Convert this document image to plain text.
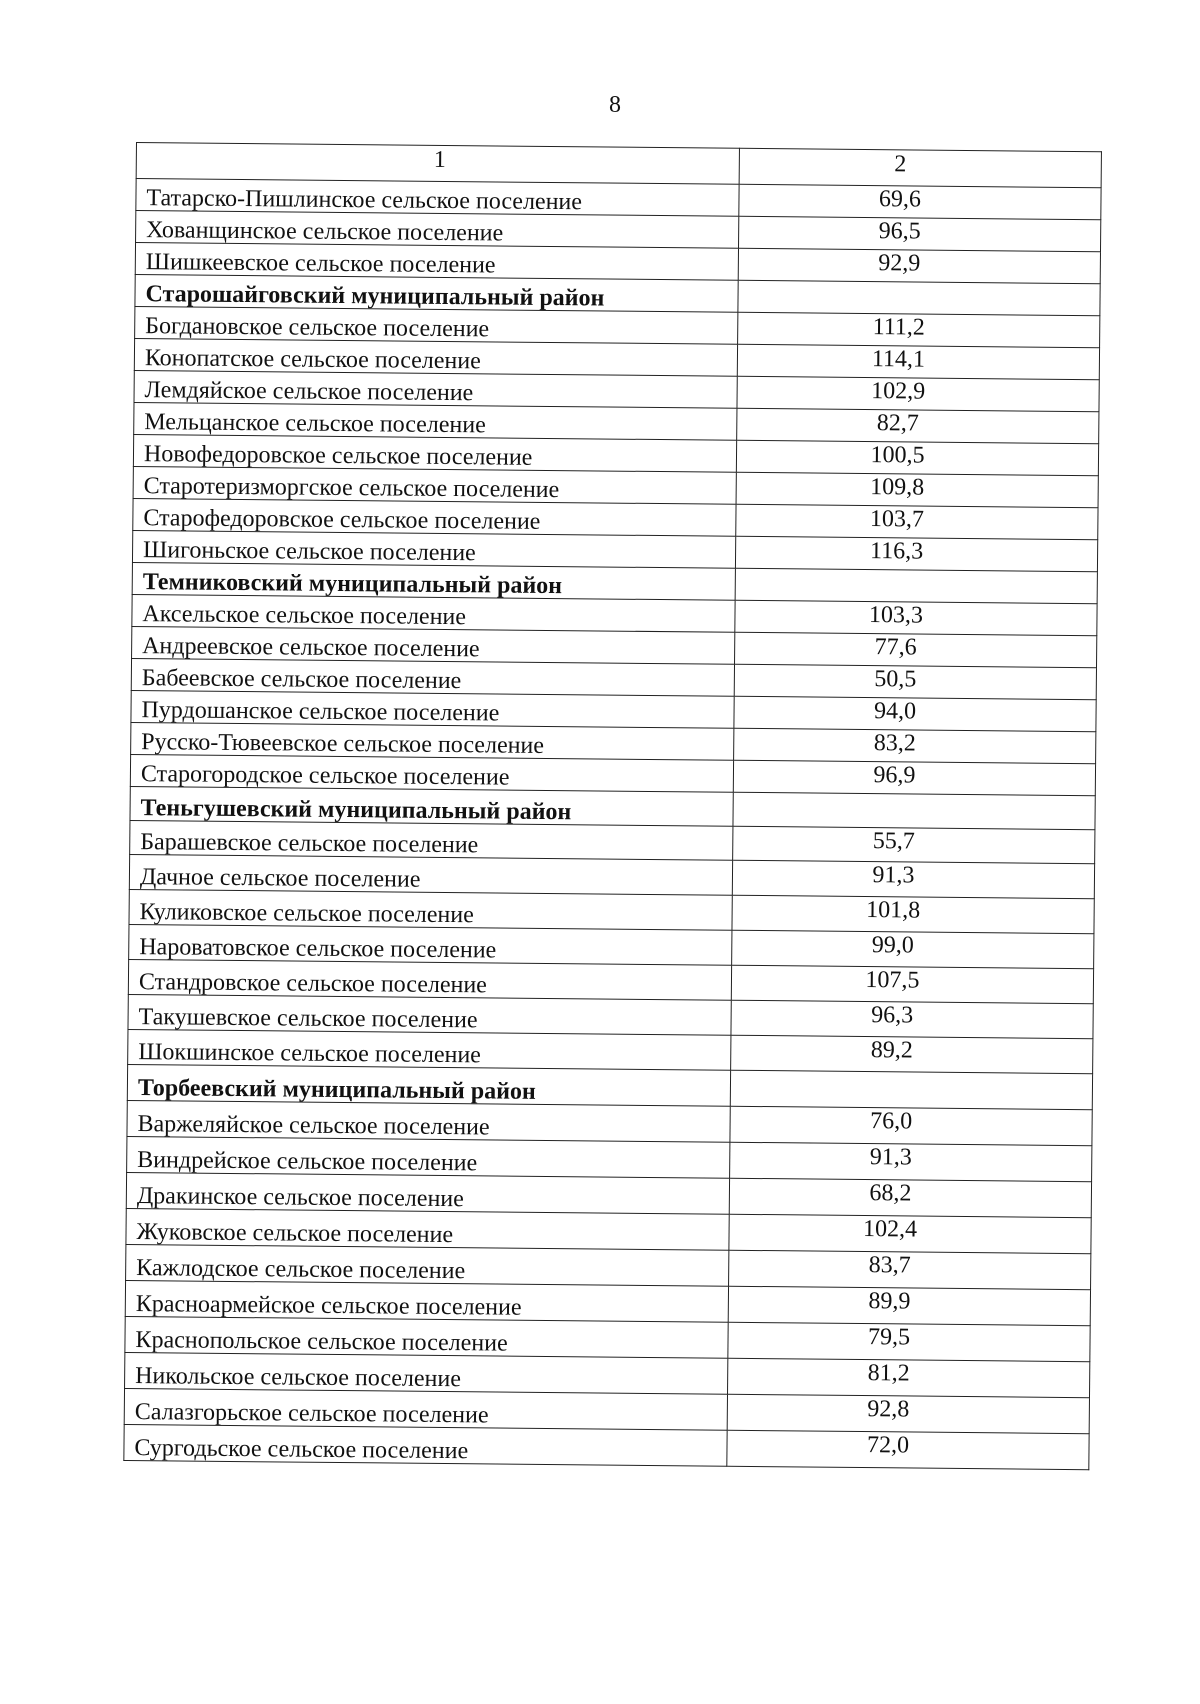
8
1	2
Татарско-Пишлинское сельское поселение	69,6
Хованщинское сельское поселение	96,5
Шишкеевское сельское поселение	92,9
Старошайговский муниципальный район	
Богдановское сельское поселение	111,2
Конопатское сельское поселение	114,1
Лемдяйское сельское поселение	102,9
Мельцанское сельское поселение	82,7
Новофедоровское сельское поселение	100,5
Старотеризморгское сельское поселение	109,8
Старофедоровское сельское поселение	103,7
Шигоньское сельское поселение	116,3
Темниковский муниципальный район	
Аксельское сельское поселение	103,3
Андреевское сельское поселение	77,6
Бабеевское сельское поселение	50,5
Пурдошанское сельское поселение	94,0
Русско-Тювеевское сельское поселение	83,2
Старогородское сельское поселение	96,9
Теньгушевский муниципальный район	
Барашевское сельское поселение	55,7
Дачное сельское поселение	91,3
Куликовское сельское поселение	101,8
Нароватовское сельское поселение	99,0
Стандровское сельское поселение	107,5
Такушевское сельское поселение	96,3
Шокшинское сельское поселение	89,2
Торбеевский муниципальный район	
Варжеляйское сельское поселение	76,0
Виндрейское сельское поселение	91,3
Дракинское сельское поселение	68,2
Жуковское сельское поселение	102,4
Кажлодское сельское поселение	83,7
Красноармейское сельское поселение	89,9
Краснопольское сельское поселение	79,5
Никольское сельское поселение	81,2
Салазгорьское сельское поселение	92,8
Сургодьское сельское поселение	72,0
